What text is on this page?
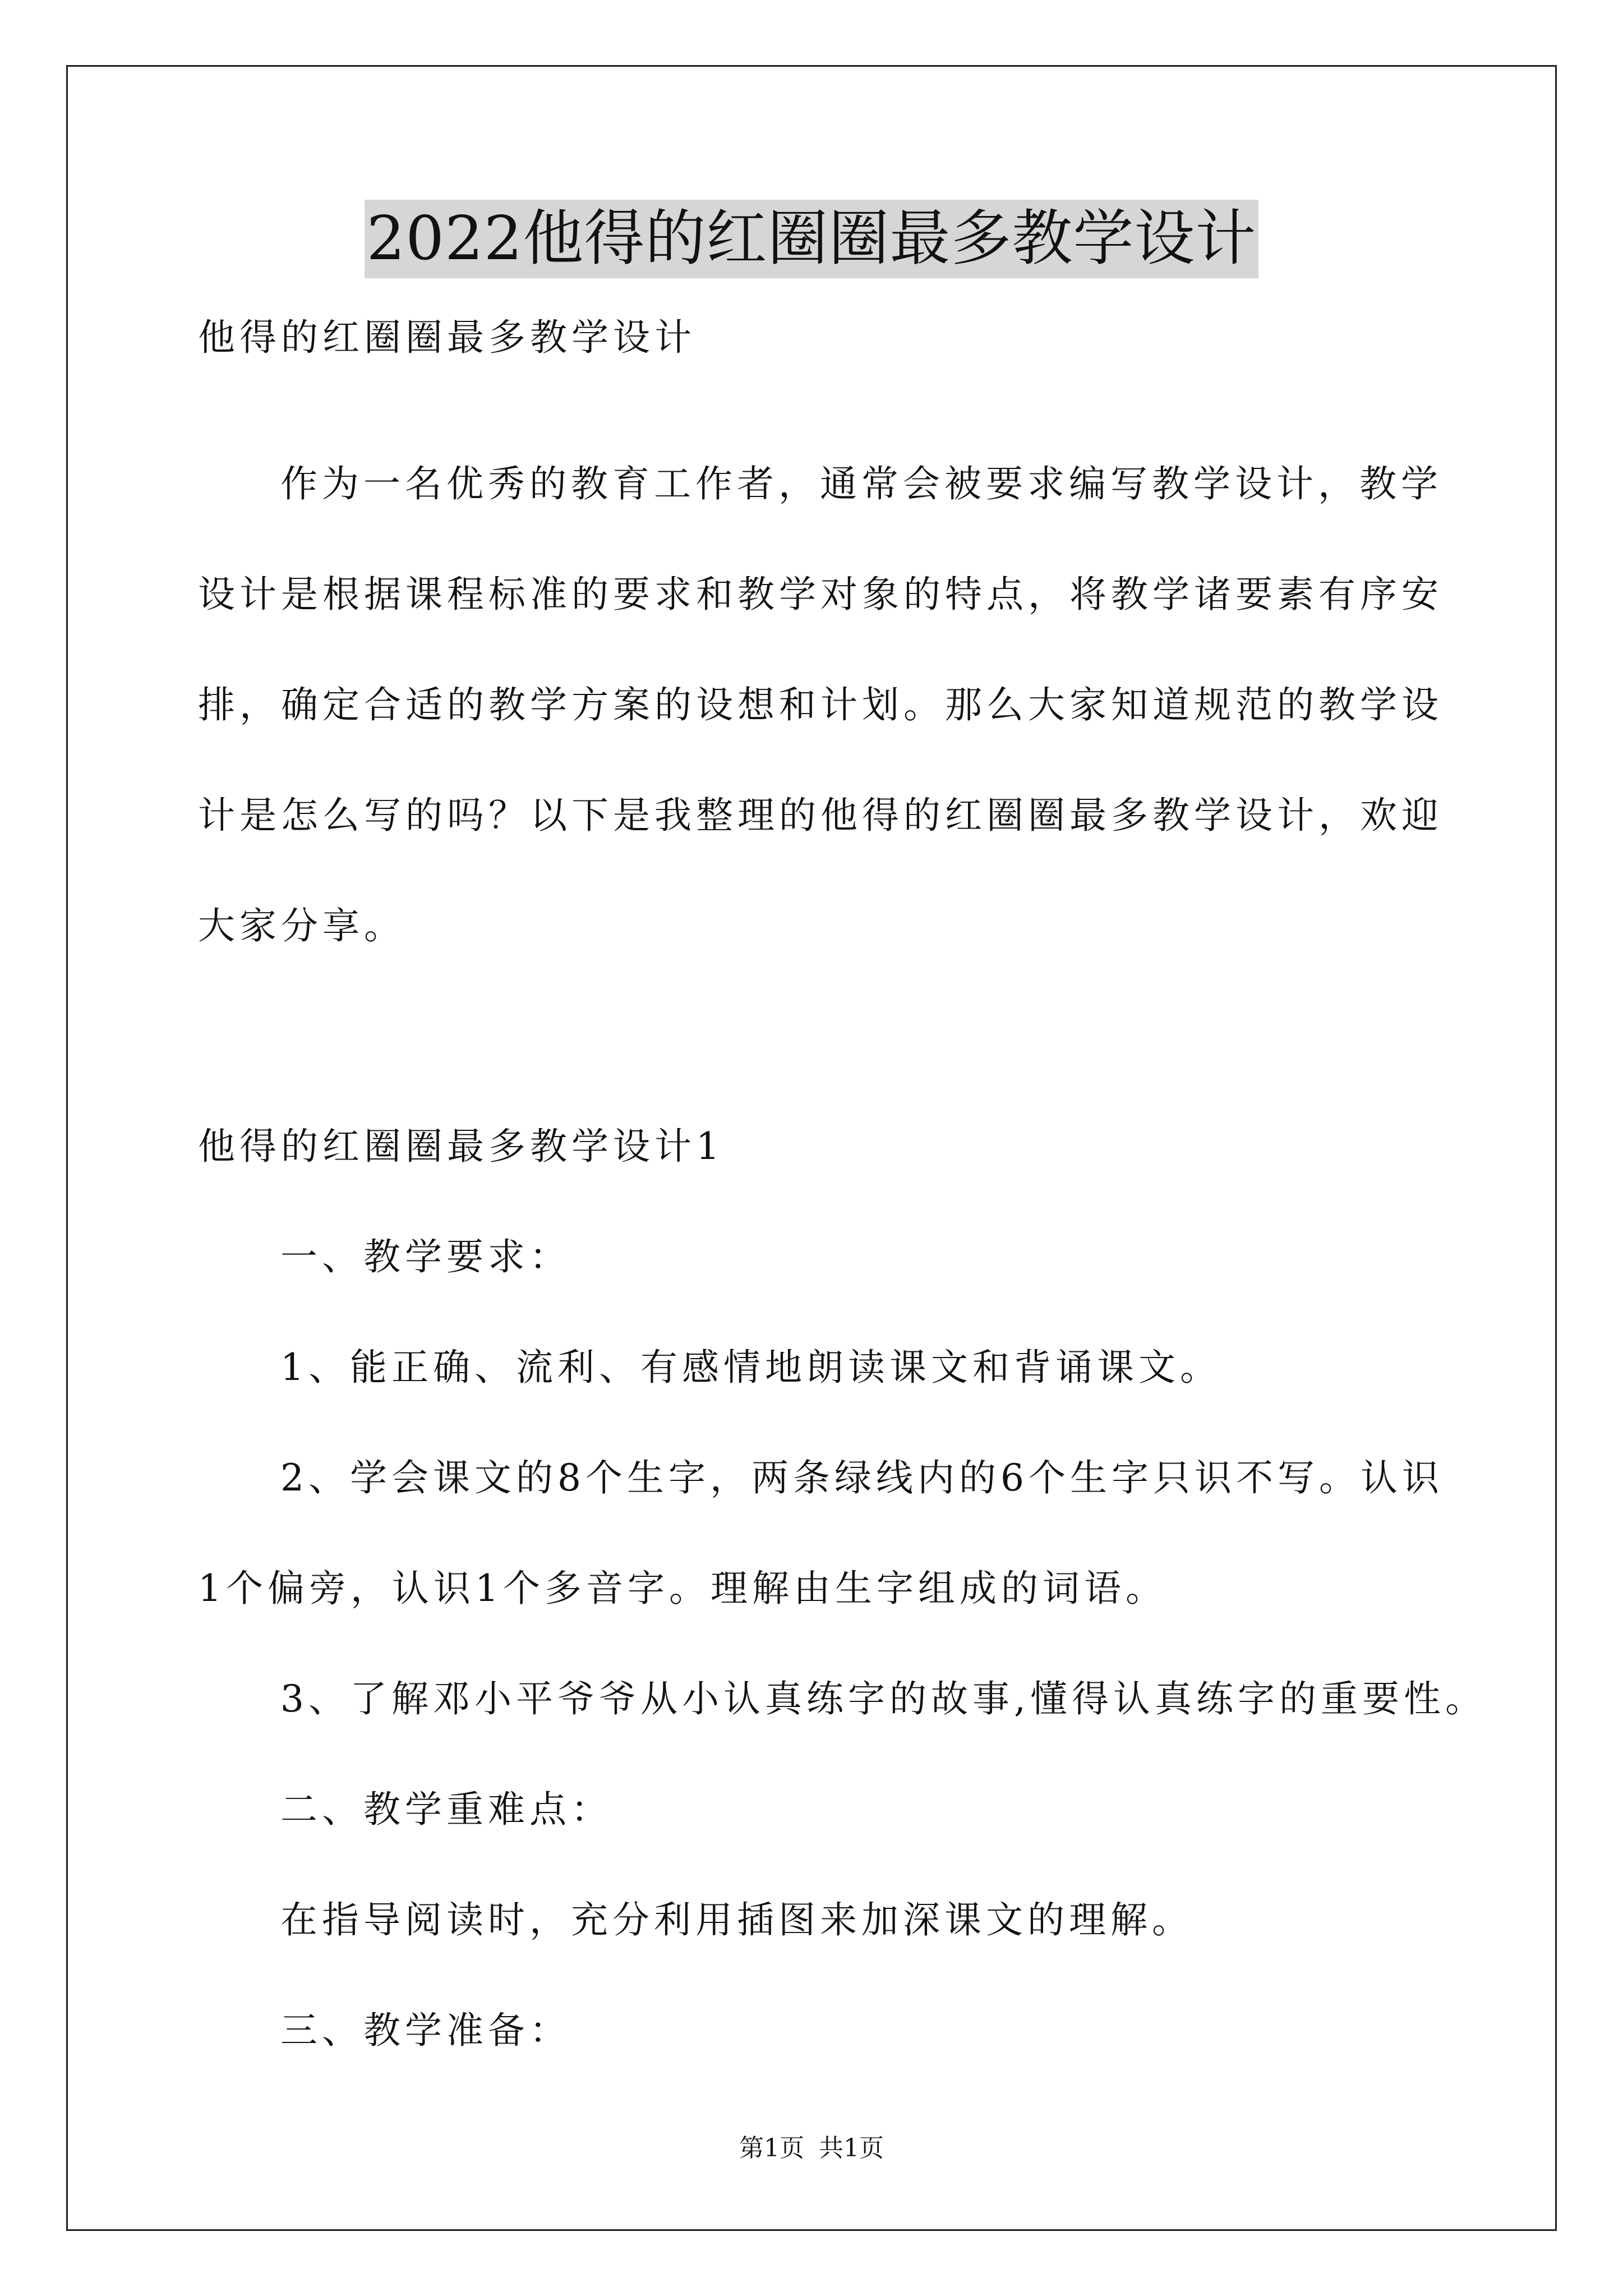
2022他得的红圈圈最多教学设计
他得的红圈圈最多教学设计
作为一名优秀的教育工作者，通常会被要求编写教学设计，教学
设计是根据课程标准的要求和教学对象的特点，将教学诸要素有序安
排，确定合适的教学方案的设想和计划。那么大家知道规范的教学设
计是怎么写的吗？以下是我整理的他得的红圈圈最多教学设计，欢迎
大家分享。
他得的红圈圈最多教学设计1
一、教学要求：
1、能正确、流利、有感情地朗读课文和背诵课文。
2、学会课文的8个生字，两条绿线内的6个生字只识不写。认识
1个偏旁，认识1个多音字。理解由生字组成的词语。
3、了解邓小平爷爷从小认真练字的故事,懂得认真练字的重要性。
二、教学重难点：
在指导阅读时，充分利用插图来加深课文的理解。
三、教学准备：
第1页 共1页
